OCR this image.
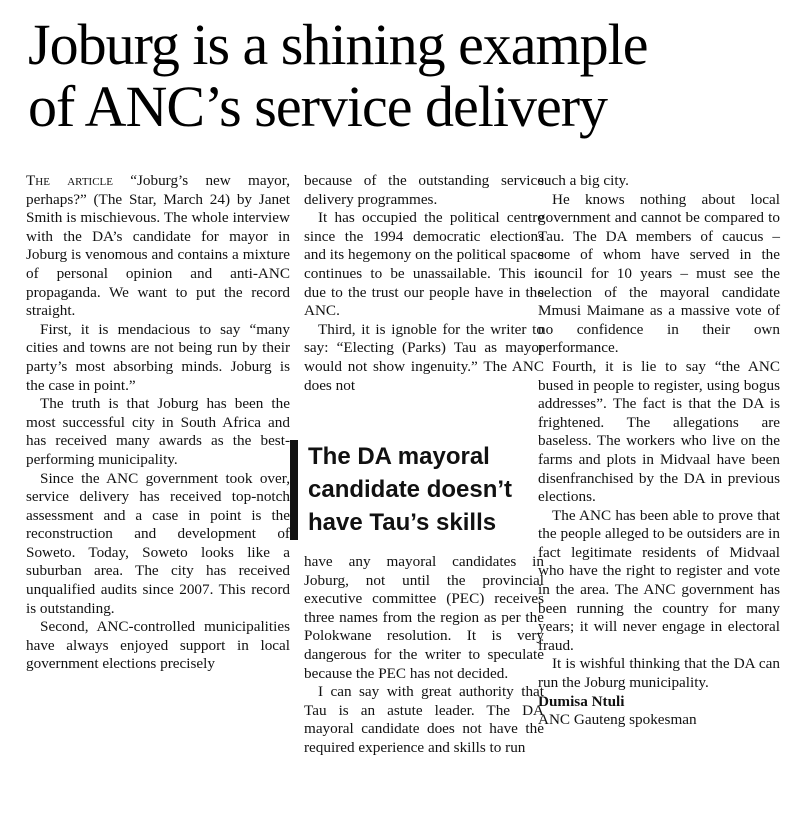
Joburg is a shining example
of ANC’s service delivery

The article “Joburg’s new mayor, perhaps?” (The Star, March 24) by Janet Smith is mischievous. The whole interview with the DA’s candidate for mayor in Joburg is venomous and contains a mixture of personal opinion and anti-ANC propaganda. We want to put the record straight.

First, it is mendacious to say “many cities and towns are not being run by their party’s most absorbing minds. Joburg is the case in point.”

The truth is that Joburg has been the most successful city in South Africa and has received many awards as the best-performing municipality.

Since the ANC government took over, service delivery has received top-notch assessment and a case in point is the reconstruction and development of Soweto. Today, Soweto looks like a suburban area. The city has received unqualified audits since 2007. This record is outstanding.

Second, ANC-controlled municipalities have always enjoyed support in local government elections precisely

because of the outstanding service delivery programmes.

It has occupied the political centre since the 1994 democratic elections and its hegemony on the political space continues to be unassailable. This is due to the trust our people have in the ANC.

Third, it is ignoble for the writer to say: “Electing (Parks) Tau as mayor would not show ingenuity.” The ANC does not

The DA mayoral
candidate doesn’t
have Tau’s skills

have any mayoral candidates in Joburg, not until the provincial executive committee (PEC) receives three names from the region as per the Polokwane resolution. It is very dangerous for the writer to speculate because the PEC has not decided.

I can say with great authority that Tau is an astute leader. The DA mayoral candidate does not have the required experience and skills to run

such a big city.

He knows nothing about local government and cannot be compared to Tau. The DA members of caucus – some of whom have served in the council for 10 years – must see the selection of the mayoral candidate Mmusi Maimane as a massive vote of no confidence in their own performance.

Fourth, it is lie to say “the ANC bused in people to register, using bogus addresses”. The fact is that the DA is frightened. The allegations are baseless. The workers who live on the farms and plots in Midvaal have been disenfranchised by the DA in previous elections.

The ANC has been able to prove that the people alleged to be outsiders are in fact legitimate residents of Midvaal who have the right to register and vote in the area. The ANC government has been running the country for many years; it will never engage in electoral fraud.

It is wishful thinking that the DA can run the Joburg municipality.

Dumisa Ntuli

ANC Gauteng spokesman
